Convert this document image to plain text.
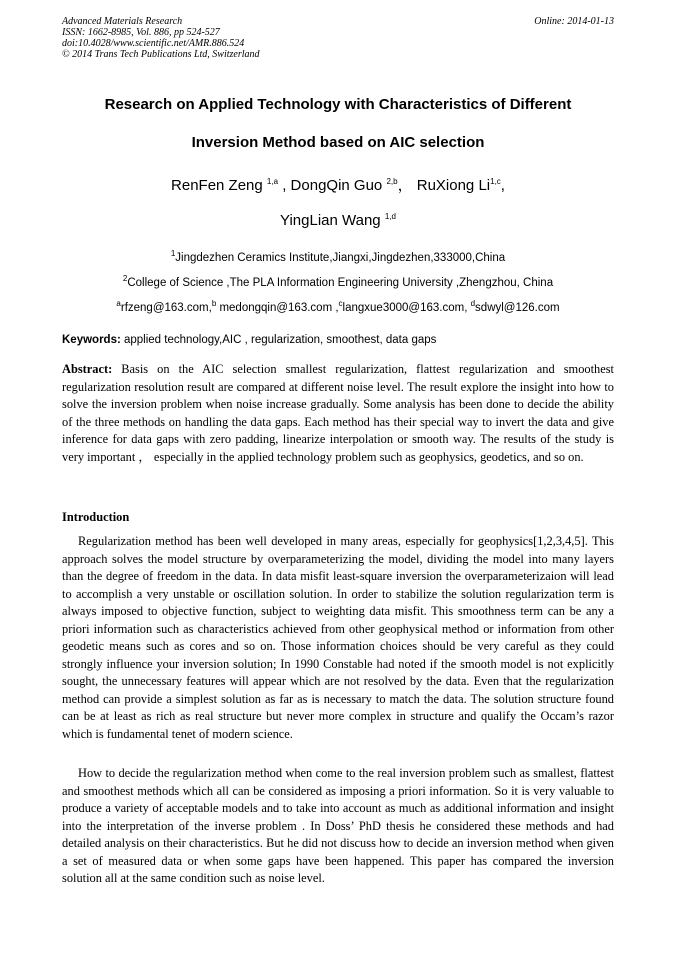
Advanced Materials Research
ISSN: 1662-8985, Vol. 886, pp 524-527
doi:10.4028/www.scientific.net/AMR.886.524
© 2014 Trans Tech Publications Ltd, Switzerland
Online: 2014-01-13
Research on Applied Technology with Characteristics of Different
Inversion Method based on AIC selection
RenFen Zeng $^{1,a}$ , DongQin Guo $^{2,b}$， RuXiong Li$^{1,c}$,
YingLian Wang $^{1,d}$
$^1$Jingdezhen Ceramics Institute,Jiangxi,Jingdezhen,333000,China
$^2$College of Science ,The PLA Information Engineering University ,Zhengzhou, China
$^a$rfzeng@163.com,$^b$ medongqin@163.com ,$^c$langxue3000@163.com, $^d$sdwyl@126.com
Keywords: applied technology,AIC , regularization, smoothest, data gaps
Abstract: Basis on the AIC selection smallest regularization, flattest regularization and smoothest regularization resolution result are compared at different noise level. The result explore the insight into how to solve the inversion problem when noise increase gradually. Some analysis has been done to decide the ability of the three methods on handling the data gaps. Each method has their special way to invert the data and give inference for data gaps with zero padding, linearize interpolation or smooth way. The results of the study is very important ， especially in the applied technology problem such as geophysics, geodetics, and so on.
Introduction
Regularization method has been well developed in many areas, especially for geophysics[1,2,3,4,5]. This approach solves the model structure by overparameterizing the model, dividing the model into many layers than the degree of freedom in the data. In data misfit least-square inversion the overparameterizaion will lead to accomplish a very unstable or oscillation solution. In order to stabilize the solution regularization term is always imposed to objective function, subject to weighting data misfit. This smoothness term can be any a priori information such as characteristics achieved from other geophysical method or information from other geodetic means such as cores and so on. Those information choices should be very careful as they could strongly influence your inversion solution; In 1990 Constable had noted if the smooth model is not explicitly sought, the unnecessary features will appear which are not resolved by the data. Even that the regularization method can provide a simplest solution as far as is necessary to match the data. The solution structure found can be at least as rich as real structure but never more complex in structure and qualify the Occam’s razor which is fundamental tenet of modern science.
How to decide the regularization method when come to the real inversion problem such as smallest, flattest and smoothest methods which all can be considered as imposing a priori information. So it is very valuable to produce a variety of acceptable models and to take into account as much as additional information and insight into the interpretation of the inverse problem . In Doss’ PhD thesis he considered these methods and had detailed analysis on their characteristics. But he did not discuss how to decide an inversion method when given a set of measured data or when some gaps have been happened. This paper has compared the inversion solution all at the same condition such as noise level.
